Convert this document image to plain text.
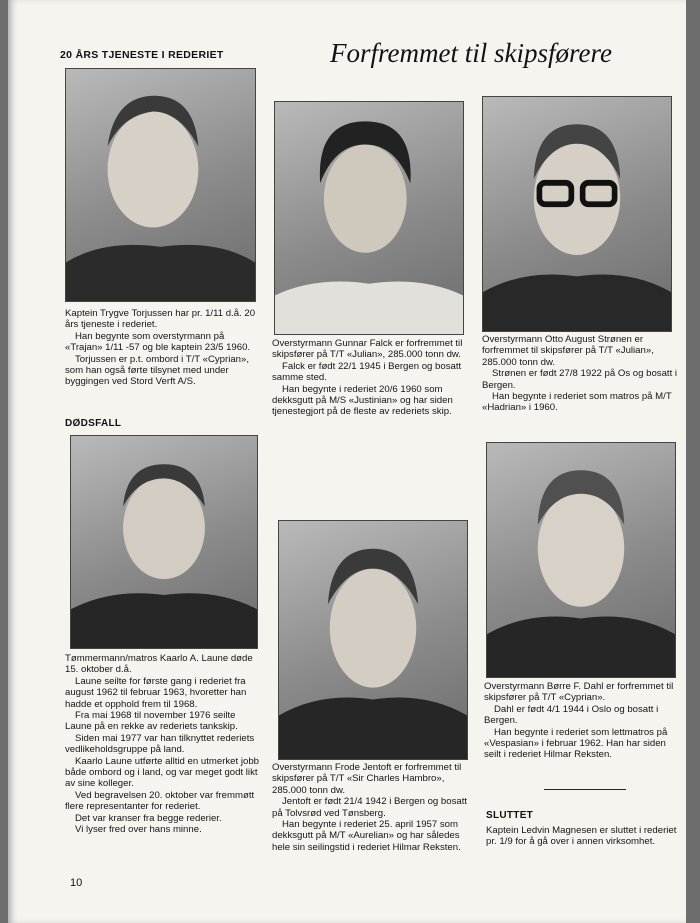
20 ÅRS TJENESTE I REDERIET	Forfremmet til skipsførere

Kaptein Trygve Torjussen har pr. 1/11 d.å. 20 års tjeneste i rederiet.

Han begynte som overstyrmann på «Trajan» 1/11 -57 og ble kaptein 23/5 1960.

Torjussen er p.t. ombord i T/T «Cyprian», som han også førte tilsynet med under byggingen ved Stord Verft A/S.

DØDSFALL

Tømmermann/matros Kaarlo A. Laune døde 15. oktober d.å.

Laune seilte for første gang i rederiet fra august 1962 til februar 1963, hvoretter han hadde et opphold frem til 1968.

Fra mai 1968 til november 1976 seilte Laune på en rekke av rederiets tankskip.

Siden mai 1977 var han tilknyttet rederiets vedlikeholdsgruppe på land.

Kaarlo Laune utførte alltid en utmerket jobb både ombord og i land, og var meget godt likt av sine kolleger.

Ved begravelsen 20. oktober var fremmøtt flere representanter for rederiet.

Det var kranser fra begge rederier.

Vi lyser fred over hans minne.

Overstyrmann Gunnar Falck er forfremmet til skipsfører på T/T «Julian», 285.000 tonn dw.

Falck er født 22/1 1945 i Bergen og bosatt samme sted.

Han begynte i rederiet 20/6 1960 som dekksgutt på M/S «Justinian» og har siden tjenestegjort på de fleste av rederiets skip.

Overstyrmann Frode Jentoft er forfremmet til skipsfører på T/T «Sir Charles Hambro», 285.000 tonn dw.

Jentoft er født 21/4 1942 i Bergen og bosatt på Tolvsrød ved Tønsberg.

Han begynte i rederiet 25. april 1957 som dekksgutt på M/T «Aurelian» og har således hele sin seilingstid i rederiet Hilmar Reksten.

Overstyrmann Otto August Strønen er forfremmet til skipsfører på T/T «Julian», 285.000 tonn dw.

Strønen er født 27/8 1922 på Os og bosatt i Bergen.

Han begynte i rederiet som matros på M/T «Hadrian» i 1960.

Overstyrmann Børre F. Dahl er forfremmet til skipsfører på T/T «Cyprian».

Dahl er født 4/1 1944 i Oslo og bosatt i Bergen.

Han begynte i rederiet som lettmatros på «Vespasian» i februar 1962. Han har siden seilt i rederiet Hilmar Reksten.

SLUTTET

Kaptein Ledvin Magnesen er sluttet i rederiet pr. 1/9 for å gå over i annen virksomhet.

10
